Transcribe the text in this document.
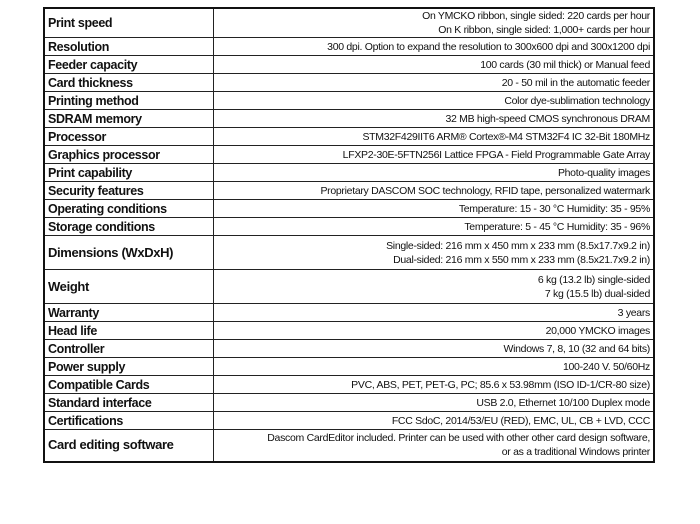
Print speed	On YMCKO ribbon, single sided: 220 cards per hour
On K ribbon, single sided: 1,000+ cards per hour

Resolution	300 dpi. Option to expand the resolution to 300x600 dpi and 300x1200 dpi

Feeder capacity	100 cards (30 mil thick) or Manual feed

Card thickness	20 - 50 mil in the automatic feeder

Printing method	Color dye-sublimation technology

SDRAM memory	32 MB high-speed CMOS synchronous DRAM

Processor	STM32F429IIT6 ARM® Cortex®-M4 STM32F4 IC 32-Bit 180MHz

Graphics processor	LFXP2-30E-5FTN256I Lattice FPGA - Field Programmable Gate Array

Print capability	Photo-quality images

Security features	Proprietary DASCOM SOC technology, RFID tape, personalized watermark

Operating conditions	Temperature: 15 - 30 °C Humidity: 35 - 95%

Storage conditions	Temperature: 5 - 45 °C Humidity: 35 - 96%

Dimensions (WxDxH)	Single-sided: 216 mm x 450 mm x 233 mm (8.5x17.7x9.2 in)
Dual-sided: 216 mm x 550 mm x 233 mm (8.5x21.7x9.2 in)

Weight	6 kg (13.2 lb) single-sided
7 kg (15.5 lb) dual-sided

Warranty	3 years

Head life	20,000 YMCKO images

Controller	Windows 7, 8, 10 (32 and 64 bits)

Power supply	100-240 V. 50/60Hz

Compatible Cards	PVC, ABS, PET, PET-G, PC; 85.6 x 53.98mm (ISO ID-1/CR-80 size)

Standard interface	USB 2.0, Ethernet 10/100 Duplex mode

Certifications	FCC SdoC, 2014/53/EU (RED), EMC, UL, CB + LVD, CCC

Card editing software	Dascom CardEditor included. Printer can be used with other other card design software,
or as a traditional Windows printer
